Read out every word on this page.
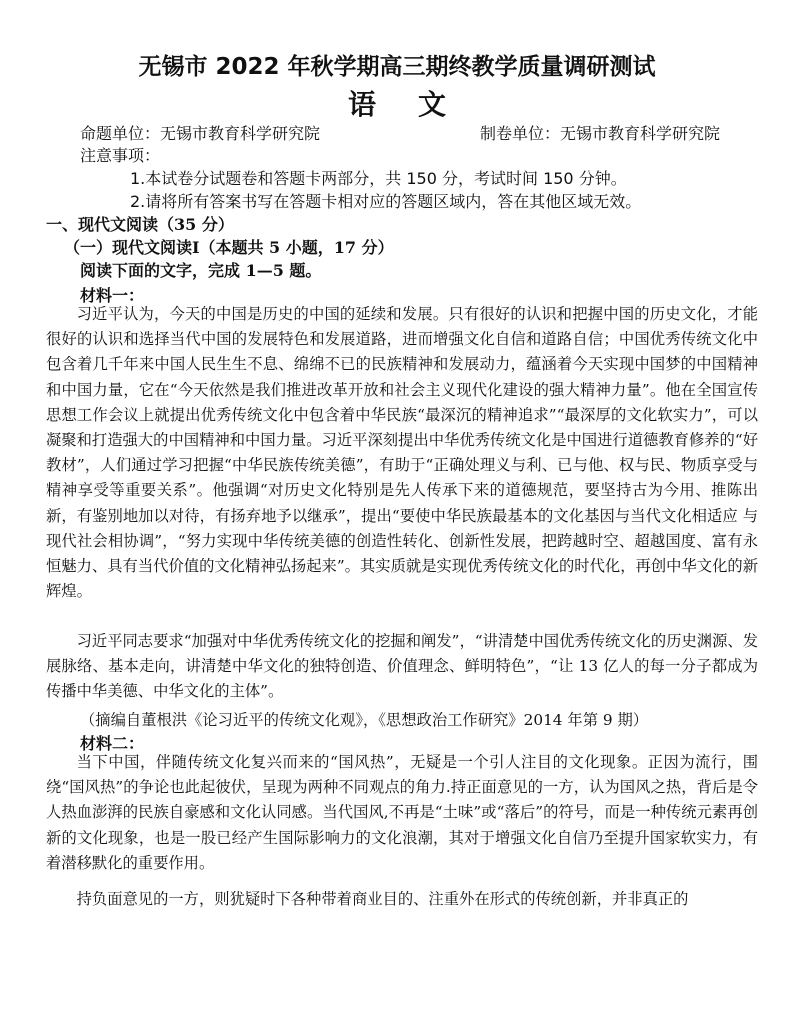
无锡市 2022 年秋学期高三期终教学质量调研测试
语文
命题单位：无锡市教育科学研究院	制卷单位：无锡市教育科学研究院
注意事项：
1.本试卷分试题卷和答题卡两部分，共 150 分，考试时间 150 分钟。
2.请将所有答案书写在答题卡相对应的答题区域内，答在其他区域无效。
一、现代文阅读（35 分）
（一）现代文阅读Ⅰ（本题共 5 小题，17 分）
阅读下面的文字，完成 1—5 题。
材料一：

习近平认为，今天的中国是历史的中国的延续和发展。只有很好的认识和把握中国的历史文化，才能很好的认识和选择当代中国的发展特色和发展道路，进而增强文化自信和道路自信；中国优秀传统文化中包含着几千年来中国人民生生不息、绵绵不已的民族精神和发展动力，蕴涵着今天实现中国梦的中国精神和中国力量，它在“今天依然是我们推进改革开放和社会主义现代化建设的强大精神力量”。他在全国宣传思想工作会议上就提出优秀传统文化中包含着中华民族“最深沉的精神追求”“最深厚的文化软实力”，可以凝聚和打造强大的中国精神和中国力量。习近平深刻提出中华优秀传统文化是中国进行道德教育修养的“好教材”，人们通过学习把握“中华民族传统美德”，有助于“正确处理义与利、已与他、权与民、物质享受与精神享受等重要关系”。他强调“对历史文化特别是先人传承下来的道德规范，要坚持古为今用、推陈出新，有鉴别地加以对待，有扬弃地予以继承”，提出“要使中华民族最基本的文化基因与当代文化相适应 与现代社会相协调”，“努力实现中华传统美德的创造性转化、创新性发展，把跨越时空、超越国度、富有永恒魅力、具有当代价值的文化精神弘扬起来”。其实质就是实现优秀传统文化的时代化，再创中华文化的新辉煌。

习近平同志要求“加强对中华优秀传统文化的挖掘和阐发”，“讲清楚中国优秀传统文化的历史渊源、发展脉络、基本走向，讲清楚中华文化的独特创造、价值理念、鲜明特色”，“让 13 亿人的每一分子都成为传播中华美德、中华文化的主体”。

（摘编自董根洪《论习近平的传统文化观》，《思想政治工作研究》2014 年第 9 期）
材料二：

当下中国，伴随传统文化复兴而来的“国风热”，无疑是一个引人注目的文化现象。正因为流行，围绕“国风热”的争论也此起彼伏，呈现为两种不同观点的角力.持正面意见的一方，认为国风之热，背后是令人热血澎湃的民族自豪感和文化认同感。当代国风,不再是“土味”或“落后”的符号，而是一种传统元素再创新的文化现象，也是一股已经产生国际影响力的文化浪潮，其对于增强文化自信乃至提升国家软实力，有着潜移默化的重要作用。

持负面意见的一方，则犹疑时下各种带着商业目的、注重外在形式的传统创新，并非真正的
